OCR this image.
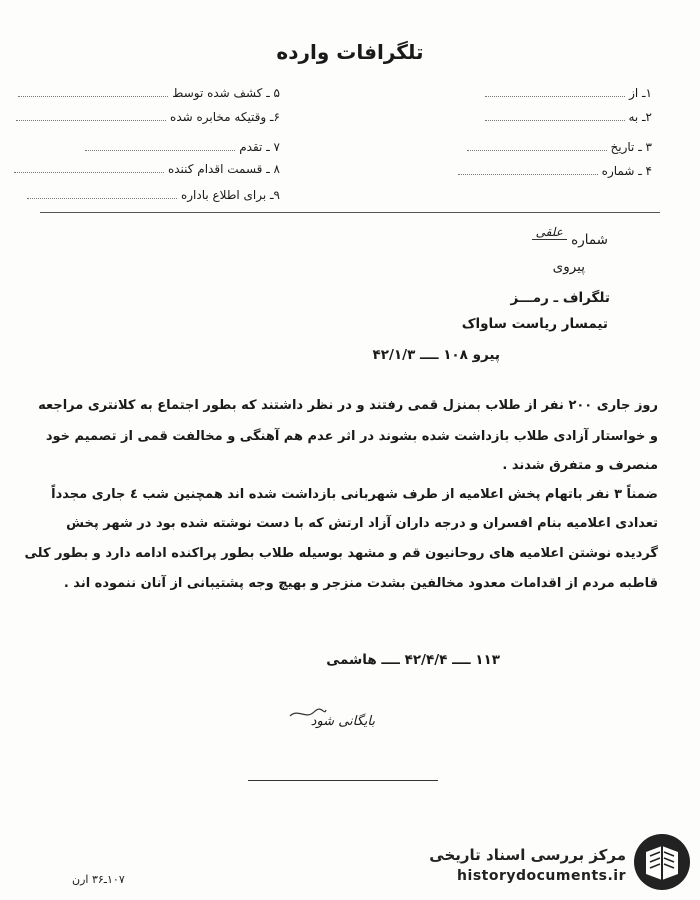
تلگرافات وارده
۱ـ از
۲ـ به
۳ ـ تاریخ
۴ ـ شماره
۵ ـ کشف شده توسط
۶ـ وقتیکه مخابره شده
۷ ـ تقدم
۸ ـ قسمت اقدام کننده
۹ـ برای اطلاع باداره
شماره علقی
پیروی
تلگراف ـ رمـــز
تیمسار ریاست ساواک
پیرو ۱۰۸ ــــ ۴۲/۱/۳
روز جاری ۲۰۰ نفر از طلاب بمنزل قمی رفتند و در نظر داشتند که بطور اجتماع به کلانتری مراجعه
و خواستار آزادی طلاب بازداشت شده بشوند در اثر عدم هم آهنگی و مخالفت قمی از تصمیم خود
منصرف و متفرق شدند .
ضمناً ۳ نفر باتهام پخش اعلامیه از طرف شهربانی بازداشت شده اند همچنین شب ٤ جاری مجدداً
تعدادی اعلامیه بنام افسران و درجه داران آزاد ارتش که با دست نوشته شده بود در شهر پخش
گردیده نوشتن اعلامیه های روحانیون قم و مشهد بوسیله طلاب بطور پراکنده ادامه دارد و بطور کلی
قاطبه مردم از اقدامات معدود مخالفین بشدت منزجر و بهیچ وجه پشتیبانی از آنان ننموده اند .
۱۱۳ ــــ ۴۲/۴/۴ ــــ هاشمی
بایگانی شود
۱۰۷ـ۳۶ ارن
مرکز بررسی اسناد تاریخی
historydocuments.ir
